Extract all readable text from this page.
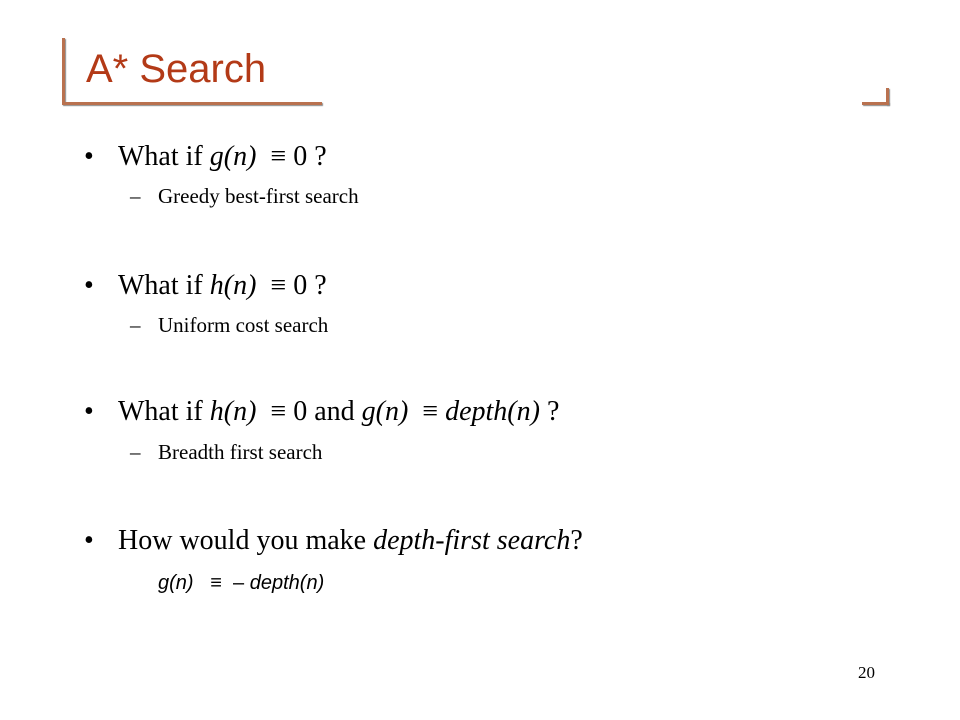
A* Search
• What if g(n) ≡ 0 ?
– Greedy best-first search
• What if h(n) ≡ 0 ?
– Uniform cost search
• What if h(n) ≡ 0 and g(n) ≡ depth(n) ?
– Breadth first search
• How would you make depth-first search?
g(n) ≡ – depth(n)
20
